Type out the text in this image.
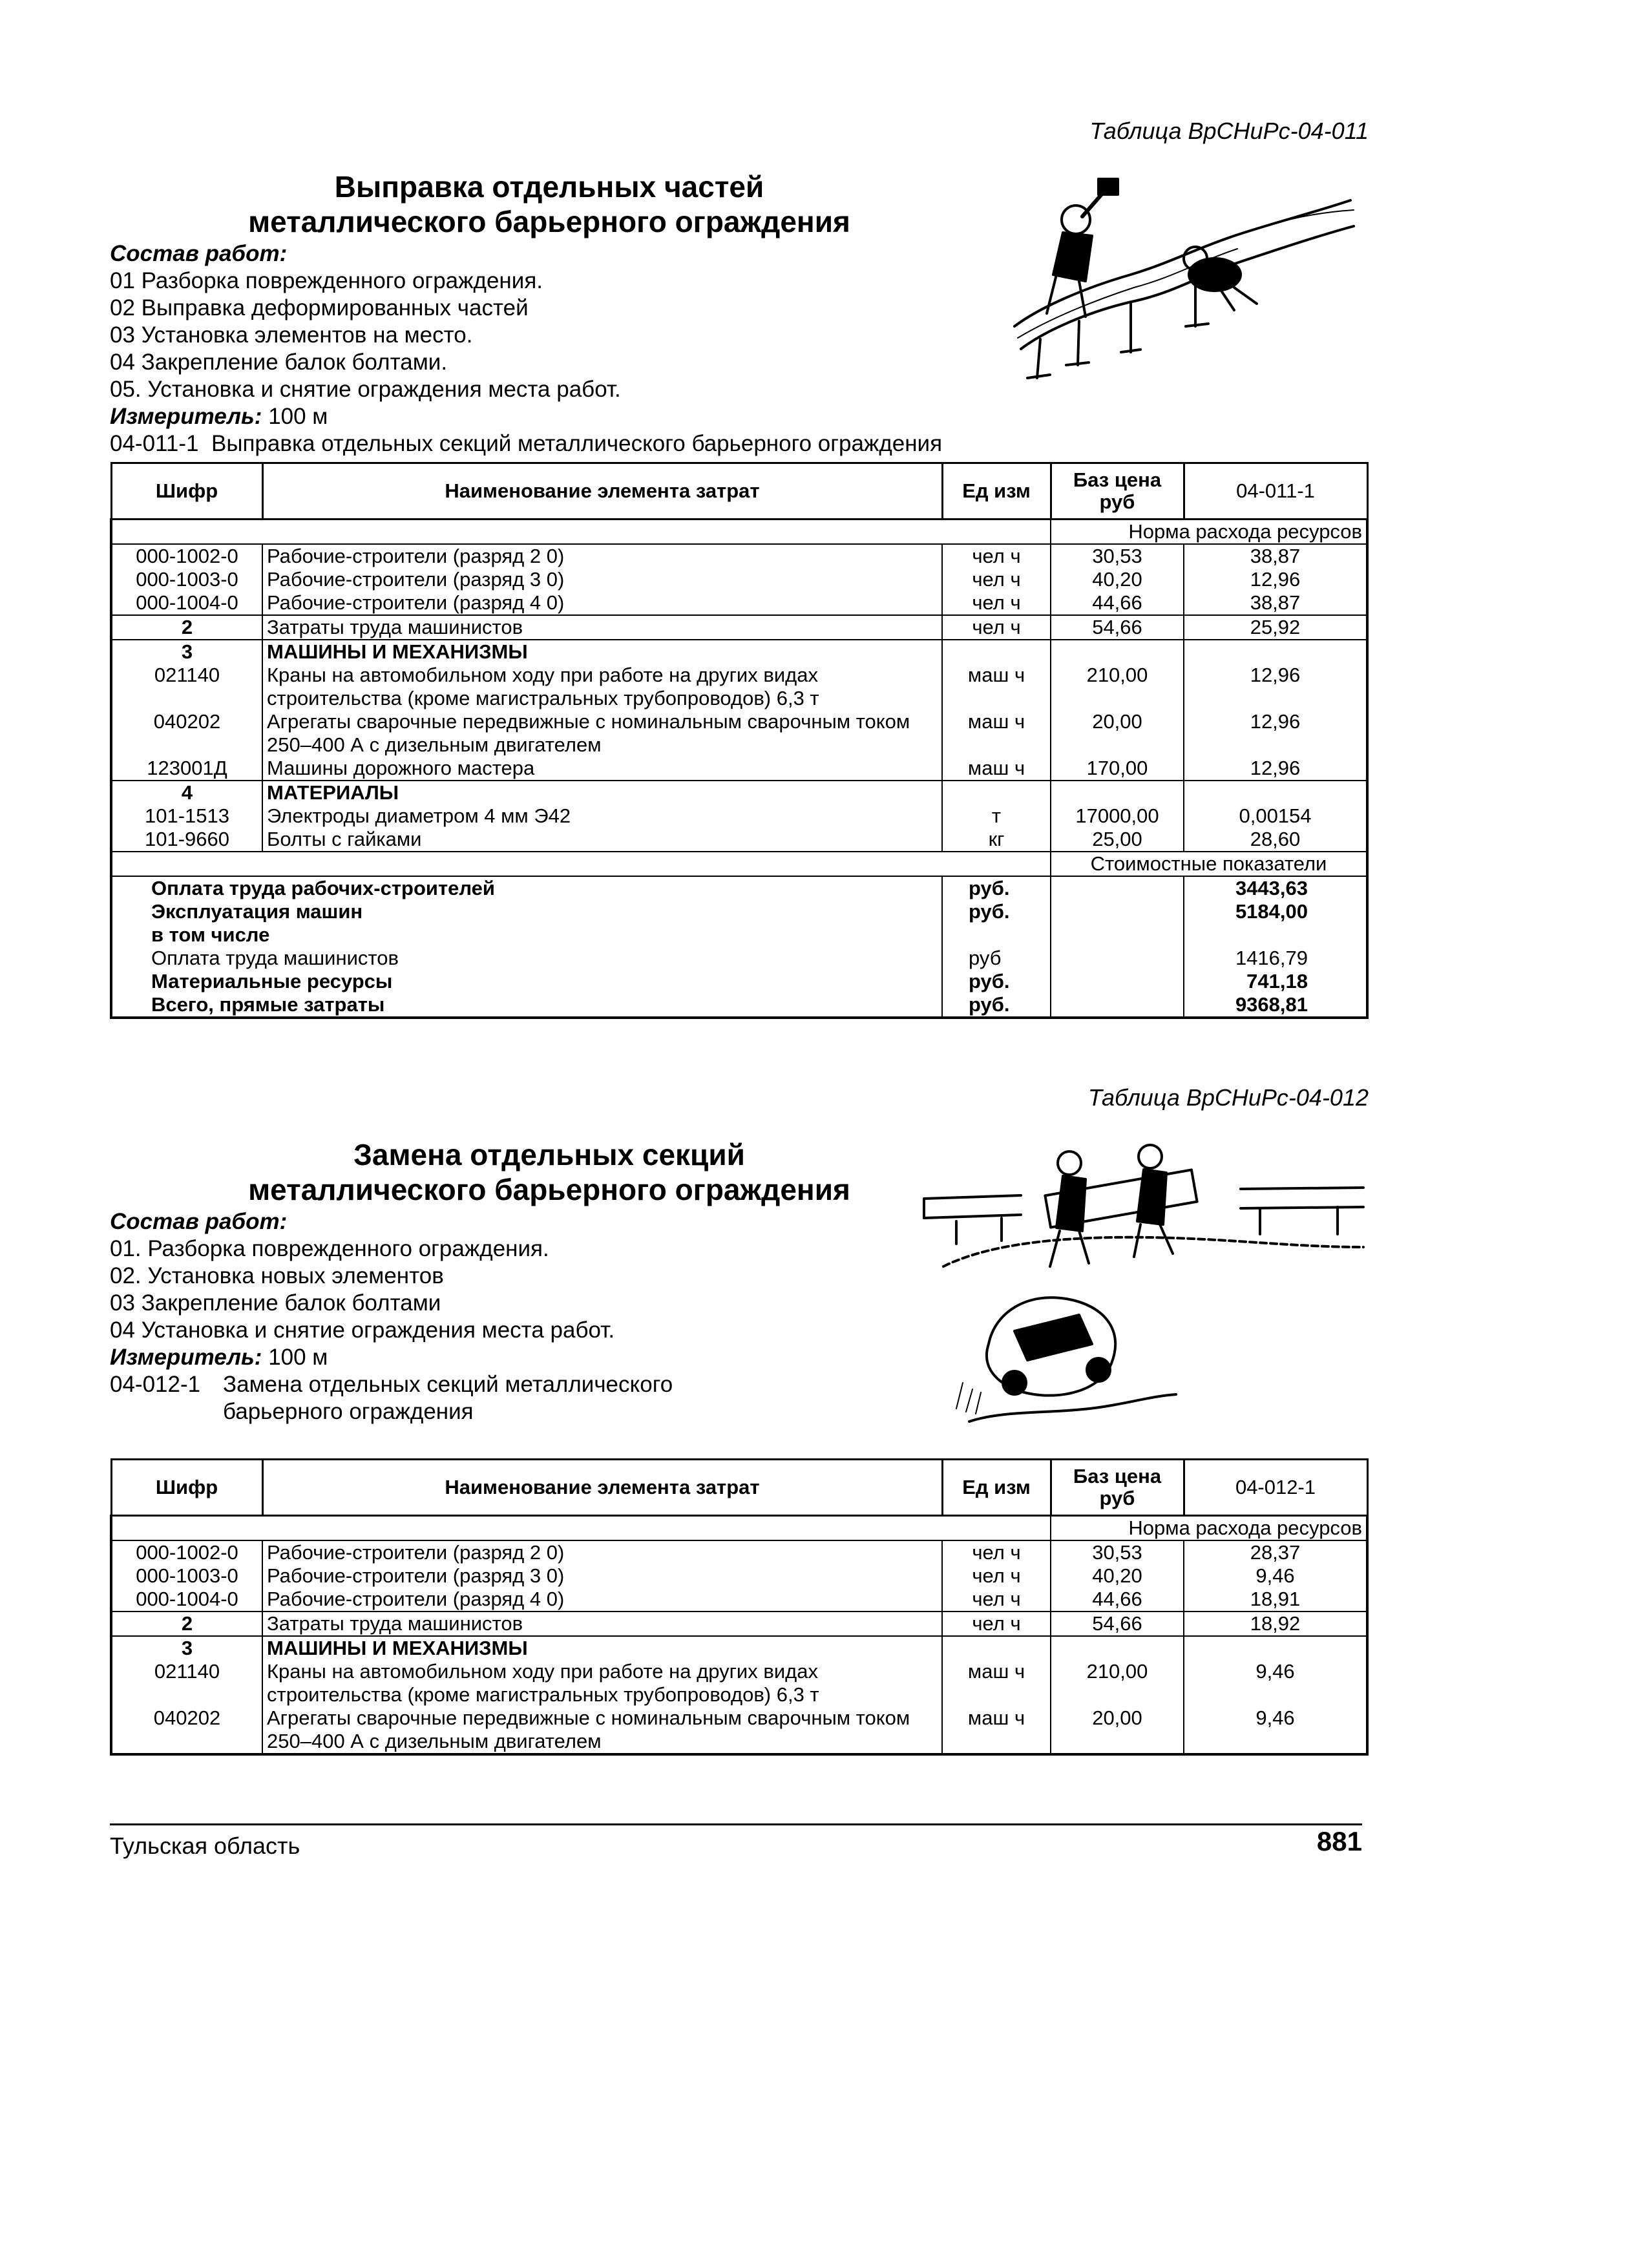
Таблица ВрСНиРс-04-011
Выправка отдельных частей
металлического барьерного ограждения
Состав работ:
01 Разборка поврежденного ограждения.
02 Выправка деформированных частей
03 Установка элементов на место.
04 Закрепление балок болтами.
05. Установка и снятие ограждения места работ.
Измеритель: 100 м
04-011-1 Выправка отдельных секций металлического барьерного ограждения
Шифр	Наименование элемента затрат	Ед изм	Баз цена руб	04-011-1
			Норма расхода ресурсов	
000-1002-0	Рабочие-строители (разряд 2 0)	чел ч	30,53	38,87
000-1003-0	Рабочие-строители (разряд 3 0)	чел ч	40,20	12,96
000-1004-0	Рабочие-строители (разряд 4 0)	чел ч	44,66	38,87
2	Затраты труда машинистов	чел ч	54,66	25,92
3	МАШИНЫ И МЕХАНИЗМЫ			
021140	Краны на автомобильном ходу при работе на других видах строительства (кроме магистральных трубопроводов) 6,3 т	маш ч	210,00	12,96
040202	Агрегаты сварочные передвижные с номинальным сварочным током 250–400 А с дизельным двигателем	маш ч	20,00	12,96
123001Д	Машины дорожного мастера	маш ч	170,00	12,96
4	МАТЕРИАЛЫ			
101-1513	Электроды диаметром 4 мм Э42	т	17000,00	0,00154
101-9660	Болты с гайками	кг	25,00	28,60
			Стоимостные показатели	
Оплата труда рабочих-строителей		руб.		3443,63
Эксплуатация машин		руб.		5184,00
в том числе				
Оплата труда машинистов		руб		1416,79
Материальные ресурсы		руб.		741,18
Всего, прямые затраты		руб.		9368,81
Таблица ВрСНиРс-04-012
Замена отдельных секций
металлического барьерного ограждения
Состав работ:
01. Разборка поврежденного ограждения.
02. Установка новых элементов
03 Закрепление балок болтами
04 Установка и снятие ограждения места работ.
Измеритель: 100 м
04-012-1 Замена отдельных секций металлического
барьерного ограждения
Шифр	Наименование элемента затрат	Ед изм	Баз цена руб	04-012-1
			Норма расхода ресурсов	
000-1002-0	Рабочие-строители (разряд 2 0)	чел ч	30,53	28,37
000-1003-0	Рабочие-строители (разряд 3 0)	чел ч	40,20	9,46
000-1004-0	Рабочие-строители (разряд 4 0)	чел ч	44,66	18,91
2	Затраты труда машинистов	чел ч	54,66	18,92
3	МАШИНЫ И МЕХАНИЗМЫ			
021140	Краны на автомобильном ходу при работе на других видах строительства (кроме магистральных трубопроводов) 6,3 т	маш ч	210,00	9,46
040202	Агрегаты сварочные передвижные с номинальным сварочным током 250–400 А с дизельным двигателем	маш ч	20,00	9,46
Тульская область	881
